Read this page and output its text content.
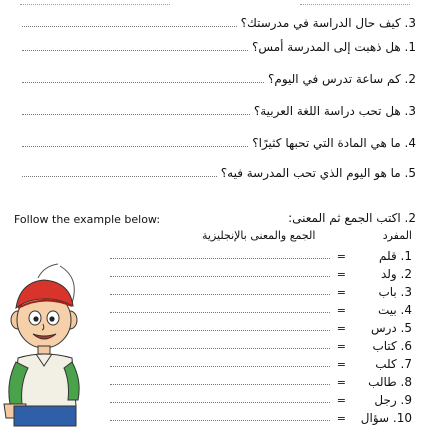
3. كيف حال الدراسة في مدرستك؟
1. هل ذهبت إلى المدرسة أمس؟
2. كم ساعة تدرس في اليوم؟
3. هل تحب دراسة اللغة العربية؟
4. ما هي المادة التي تحبها كثيرًا؟
5. ما هو اليوم الذي تحب المدرسة فيه؟
Follow the example below:	2. اكتب الجمع ثم المعنى:
المفرد
الجمع والمعنى بالإنجليزية
=	1. قلم
=	2. ولد
=	3. باب
=	4. بيت
= 5. درس
= 6. كتاب
= 7. كلب
= 8. طالب
= 9. رجل
= 10. سؤال
